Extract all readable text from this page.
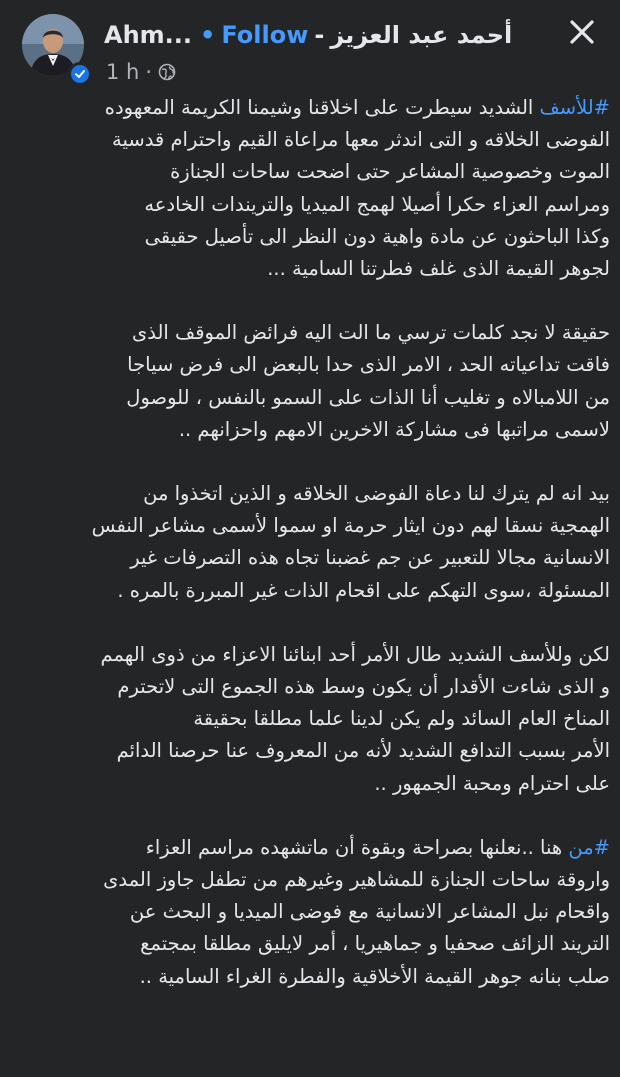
Ahm... • Follow - أحمد عبد العزيز
1 h ·

#للأسف الشديد سيطرت على اخلاقنا وشيمنا الكريمة المعهوده
الفوضى الخلاقه و التى اندثر معها مراعاة القيم واحترام قدسية
الموت وخصوصية المشاعر حتى اضحت ساحات الجنازة
ومراسم العزاء حكرا أصيلا لهمج الميديا والتريندات الخادعه
وكذا الباحثون عن مادة واهية دون النظر الى تأصيل حقيقى
لجوهر القيمة الذى غلف فطرتنا السامية ...

حقيقة لا نجد كلمات ترسي ما الت اليه فرائض الموقف الذى
فاقت تداعياته الحد ، الامر الذى حدا بالبعض الى فرض سياجا
من اللامبالاه و تغليب أنا الذات على السمو بالنفس ، للوصول
لاسمى مراتبها فى مشاركة الاخرين الامهم واحزانهم ..

بيد انه لم يترك لنا دعاة الفوضى الخلاقه و الذين اتخذوا من
الهمجية نسقا لهم دون ايثار حرمة او سموا لأسمى مشاعر النفس
الانسانية مجالا للتعبير عن جم غضبنا تجاه هذه التصرفات غير
المسئولة ،سوى التهكم على اقحام الذات غير المبررة بالمره .

لكن وللأسف الشديد طال الأمر أحد ابنائنا الاعزاء من ذوى الهمم
و الذى شاءت الأقدار أن يكون وسط هذه الجموع التى لاتحترم
المناخ العام السائد ولم يكن لدينا علما مطلقا بحقيقة
الأمر بسبب التدافع الشديد لأنه من المعروف عنا حرصنا الدائم
على احترام ومحبة الجمهور ..

#من هنا ..نعلنها بصراحة وبقوة أن ماتشهده مراسم العزاء
واروقة ساحات الجنازة للمشاهير وغيرهم من تطفل جاوز المدى
واقحام نبل المشاعر الانسانية مع فوضى الميديا و البحث عن
التريند الزائف صحفيا و جماهيريا ، أمر لايليق مطلقا بمجتمع
صلب بنانه جوهر القيمة الأخلاقية والفطرة الغراء السامية ..
